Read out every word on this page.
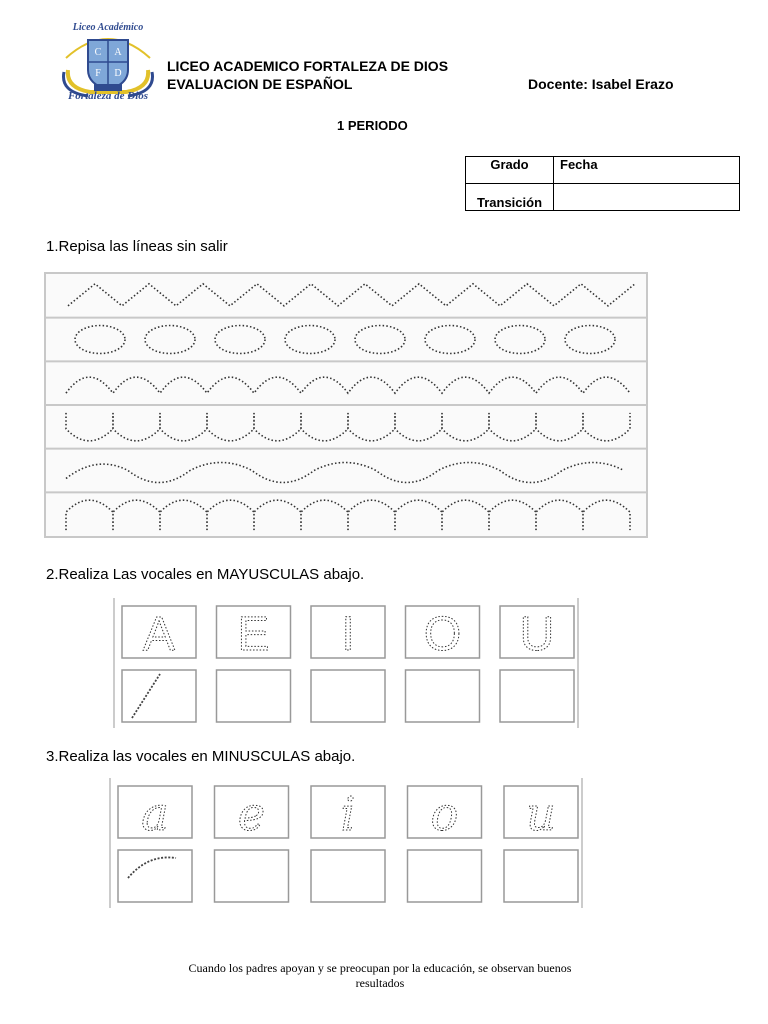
C A
F D
Liceo Académico
Fortaleza de Dios
LICEO ACADEMICO FORTALEZA DE DIOS
EVALUACION DE ESPAÑOL	Docente: Isabel Erazo
1 PERIODO
Grado	Fecha
Transición	
1.Repisa las líneas sin salir
2.Realiza Las vocales en MAYUSCULAS abajo.
A E I O U
3.Realiza las vocales en MINUSCULAS abajo.
a e i o u
Cuando los padres apoyan y se preocupan por la educación, se observan buenos
resultados
